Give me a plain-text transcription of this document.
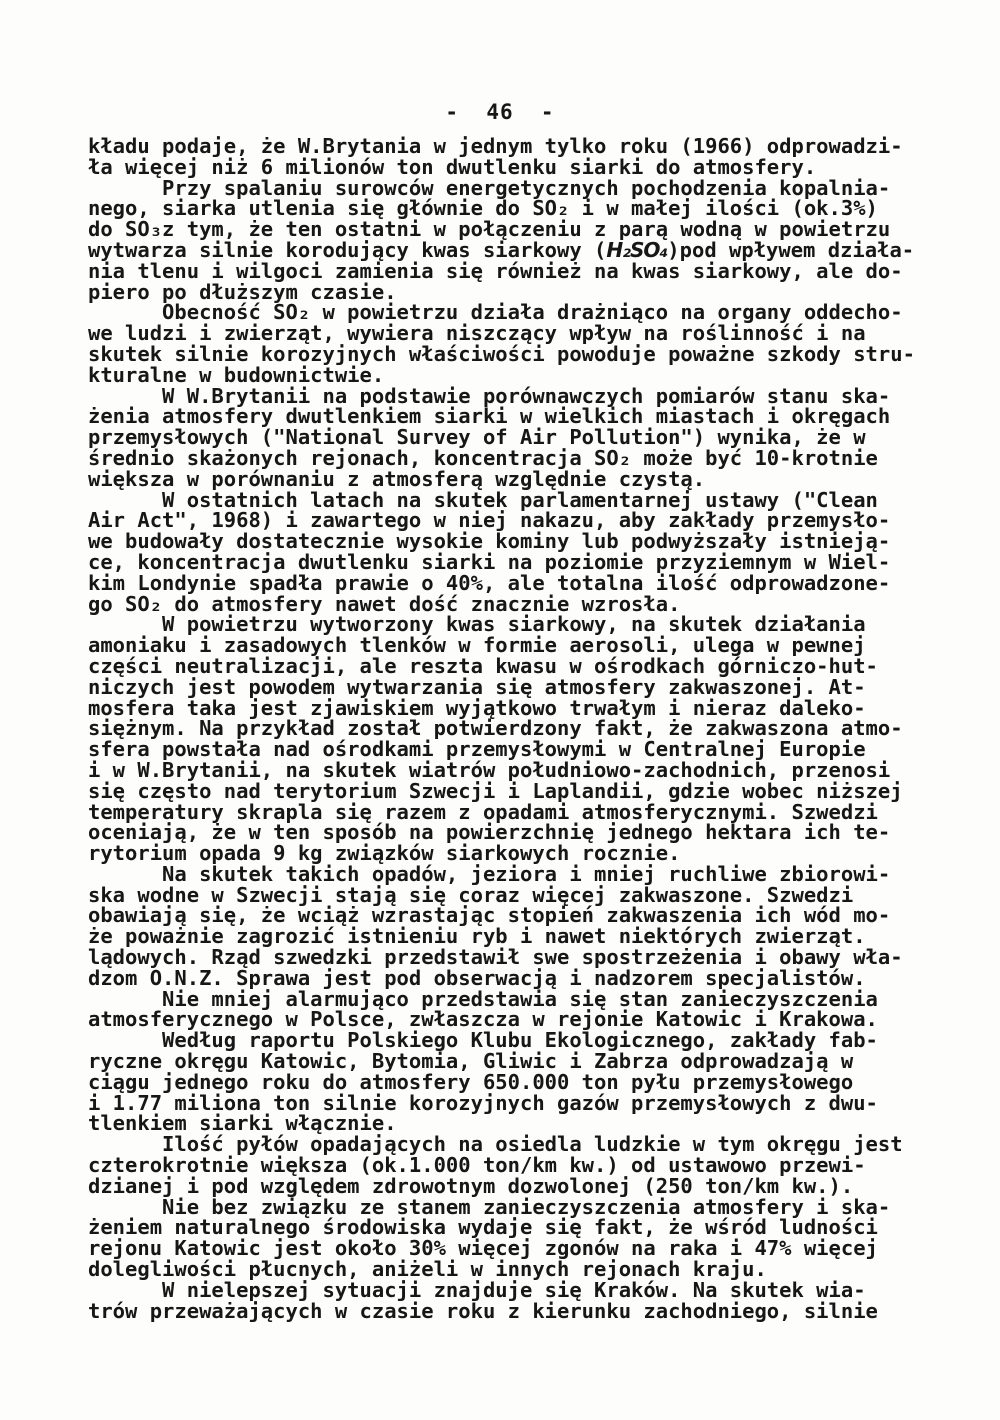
-  46  -
kładu podaje, że W.Brytania w jednym tylko roku (1966) odprowadzi-
ła więcej niż 6 milionów ton dwutlenku siarki do atmosfery.
Przy spalaniu surowców energetycznych pochodzenia kopalnia-
nego, siarka utlenia się głównie do SO₂ i w małej ilości (ok.3%)
do SO₃z tym, że ten ostatni w połączeniu z parą wodną w powietrzu
wytwarza silnie korodujący kwas siarkowy (H₂SO₄)pod wpływem działa-
nia tlenu i wilgoci zamienia się również na kwas siarkowy, ale do-
piero po dłuższym czasie.
Obecność SO₂ w powietrzu działa drażniąco na organy oddecho-
we ludzi i zwierząt, wywiera niszczący wpływ na roślinność i na
skutek silnie korozyjnych właściwości powoduje poważne szkody stru-
kturalne w budownictwie.
W W.Brytanii na podstawie porównawczych pomiarów stanu ska-
żenia atmosfery dwutlenkiem siarki w wielkich miastach i okręgach
przemysłowych ("National Survey of Air Pollution") wynika, że w
średnio skażonych rejonach, koncentracja SO₂ może być 10-krotnie
większa w porównaniu z atmosferą względnie czystą.
W ostatnich latach na skutek parlamentarnej ustawy ("Clean
Air Act", 1968) i zawartego w niej nakazu, aby zakłady przemysło-
we budowały dostatecznie wysokie kominy lub podwyższały istnieją-
ce, koncentracja dwutlenku siarki na poziomie przyziemnym w Wiel-
kim Londynie spadła prawie o 40%, ale totalna ilość odprowadzone-
go SO₂ do atmosfery nawet dość znacznie wzrosła.
W powietrzu wytworzony kwas siarkowy, na skutek działania
amoniaku i zasadowych tlenków w formie aerosoli, ulega w pewnej
części neutralizacji, ale reszta kwasu w ośrodkach górniczo-hut-
niczych jest powodem wytwarzania się atmosfery zakwaszonej. At-
mosfera taka jest zjawiskiem wyjątkowo trwałym i nieraz daleko-
siężnym. Na przykład został potwierdzony fakt, że zakwaszona atmo-
sfera powstała nad ośrodkami przemysłowymi w Centralnej Europie
i w W.Brytanii, na skutek wiatrów południowo-zachodnich, przenosi
się często nad terytorium Szwecji i Laplandii, gdzie wobec niższej
temperatury skrapla się razem z opadami atmosferycznymi. Szwedzi
oceniają, że w ten sposób na powierzchnię jednego hektara ich te-
rytorium opada 9 kg związków siarkowych rocznie.
Na skutek takich opadów, jeziora i mniej ruchliwe zbiorowi-
ska wodne w Szwecji stają się coraz więcej zakwaszone. Szwedzi
obawiają się, że wciąż wzrastając stopień zakwaszenia ich wód mo-
że poważnie zagrozić istnieniu ryb i nawet niektórych zwierząt.
lądowych. Rząd szwedzki przedstawił swe spostrzeżenia i obawy wła-
dzom O.N.Z. Sprawa jest pod obserwacją i nadzorem specjalistów.
Nie mniej alarmująco przedstawia się stan zanieczyszczenia
atmosferycznego w Polsce, zwłaszcza w rejonie Katowic i Krakowa.
Według raportu Polskiego Klubu Ekologicznego, zakłady fab-
ryczne okręgu Katowic, Bytomia, Gliwic i Zabrza odprowadzają w
ciągu jednego roku do atmosfery 650.000 ton pyłu przemysłowego
i 1.77 miliona ton silnie korozyjnych gazów przemysłowych z dwu-
tlenkiem siarki włącznie.
Ilość pyłów opadających na osiedla ludzkie w tym okręgu jest
czterokrotnie większa (ok.1.000 ton/km kw.) od ustawowo przewi-
dzianej i pod względem zdrowotnym dozwolonej (250 ton/km kw.).
Nie bez związku ze stanem zanieczyszczenia atmosfery i ska-
żeniem naturalnego środowiska wydaje się fakt, że wśród ludności
rejonu Katowic jest około 30% więcej zgonów na raka i 47% więcej
dolegliwości płucnych, aniżeli w innych rejonach kraju.
W nielepszej sytuacji znajduje się Kraków. Na skutek wia-
trów przeważających w czasie roku z kierunku zachodniego, silnie
